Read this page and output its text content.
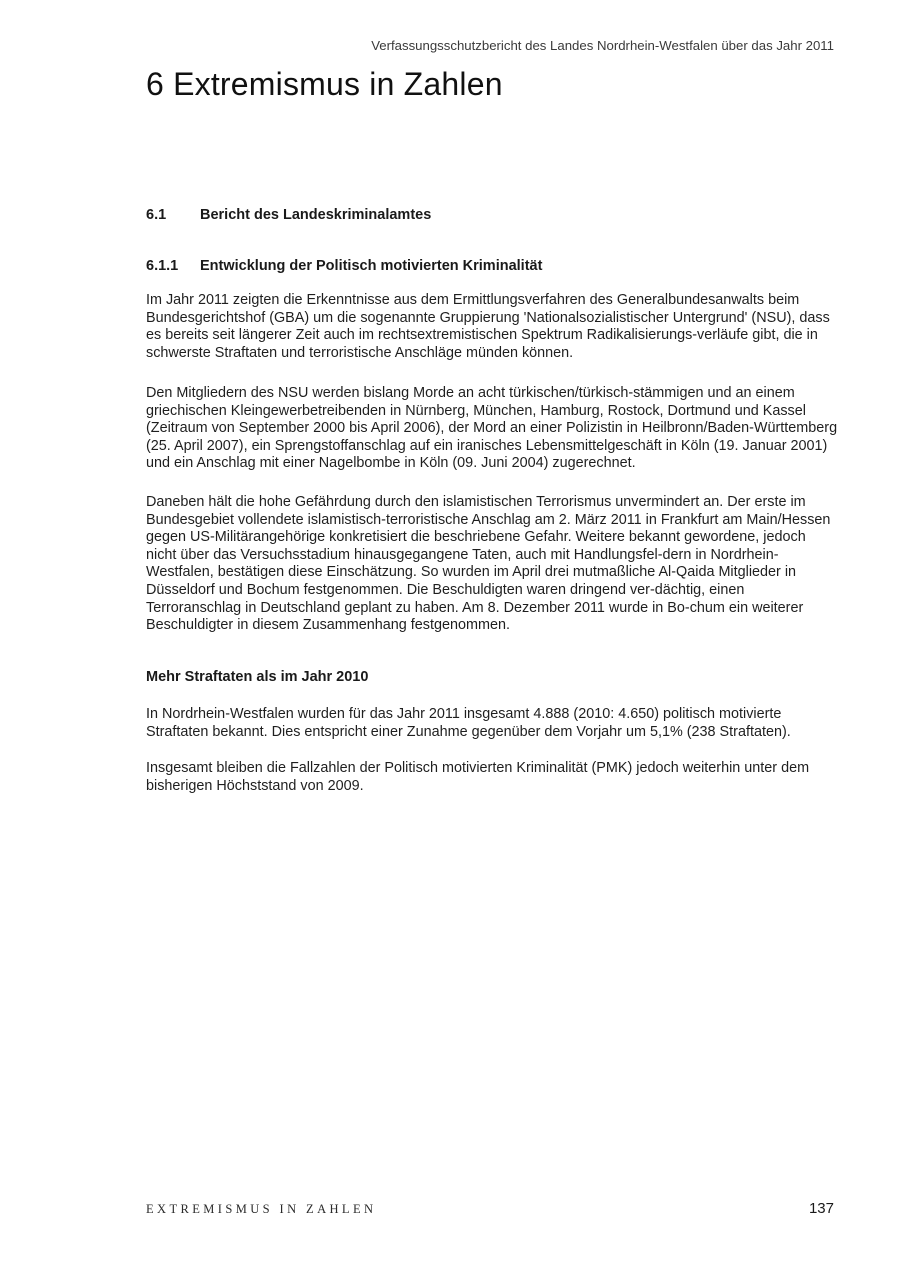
Verfassungsschutzbericht des Landes Nordrhein-Westfalen über das Jahr 2011
6 Extremismus in Zahlen
6.1 Bericht des Landeskriminalamtes
6.1.1 Entwicklung der Politisch motivierten Kriminalität

Im Jahr 2011 zeigten die Erkenntnisse aus dem Ermittlungsverfahren des Generalbundesanwalts beim Bundesgerichtshof (GBA) um die sogenannte Gruppierung 'Nationalsozialistischer Untergrund' (NSU), dass es bereits seit längerer Zeit auch im rechtsextremistischen Spektrum Radikalisierungs-verläufe gibt, die in schwerste Straftaten und terroristische Anschläge münden können.

Den Mitgliedern des NSU werden bislang Morde an acht türkischen/türkisch-stämmigen und an einem griechischen Kleingewerbetreibenden in Nürnberg, München, Hamburg, Rostock, Dortmund und Kassel (Zeitraum von September 2000 bis April 2006), der Mord an einer Polizistin in Heilbronn/Baden-Württemberg (25. April 2007), ein Sprengstoffanschlag auf ein iranisches Lebensmittelgeschäft in Köln (19. Januar 2001) und ein Anschlag mit einer Nagelbombe in Köln (09. Juni 2004) zugerechnet.

Daneben hält die hohe Gefährdung durch den islamistischen Terrorismus unvermindert an. Der erste im Bundesgebiet vollendete islamistisch-terroristische Anschlag am 2. März 2011 in Frankfurt am Main/Hessen gegen US-Militärangehörige konkretisiert die beschriebene Gefahr. Weitere bekannt gewordene, jedoch nicht über das Versuchsstadium hinausgegangene Taten, auch mit Handlungsfel-dern in Nordrhein-Westfalen, bestätigen diese Einschätzung. So wurden im April drei mutmaßliche Al-Qaida Mitglieder in Düsseldorf und Bochum festgenommen. Die Beschuldigten waren dringend ver-dächtig, einen Terroranschlag in Deutschland geplant zu haben. Am 8. Dezember 2011 wurde in Bo-chum ein weiterer Beschuldigter in diesem Zusammenhang festgenommen.

Mehr Straftaten als im Jahr 2010

In Nordrhein-Westfalen wurden für das Jahr 2011 insgesamt 4.888 (2010: 4.650) politisch motivierte Straftaten bekannt. Dies entspricht einer Zunahme gegenüber dem Vorjahr um 5,1% (238 Straftaten).

Insgesamt bleiben die Fallzahlen der Politisch motivierten Kriminalität (PMK) jedoch weiterhin unter dem bisherigen Höchststand von 2009.

EXTREMISMUS IN ZAHLEN	137
